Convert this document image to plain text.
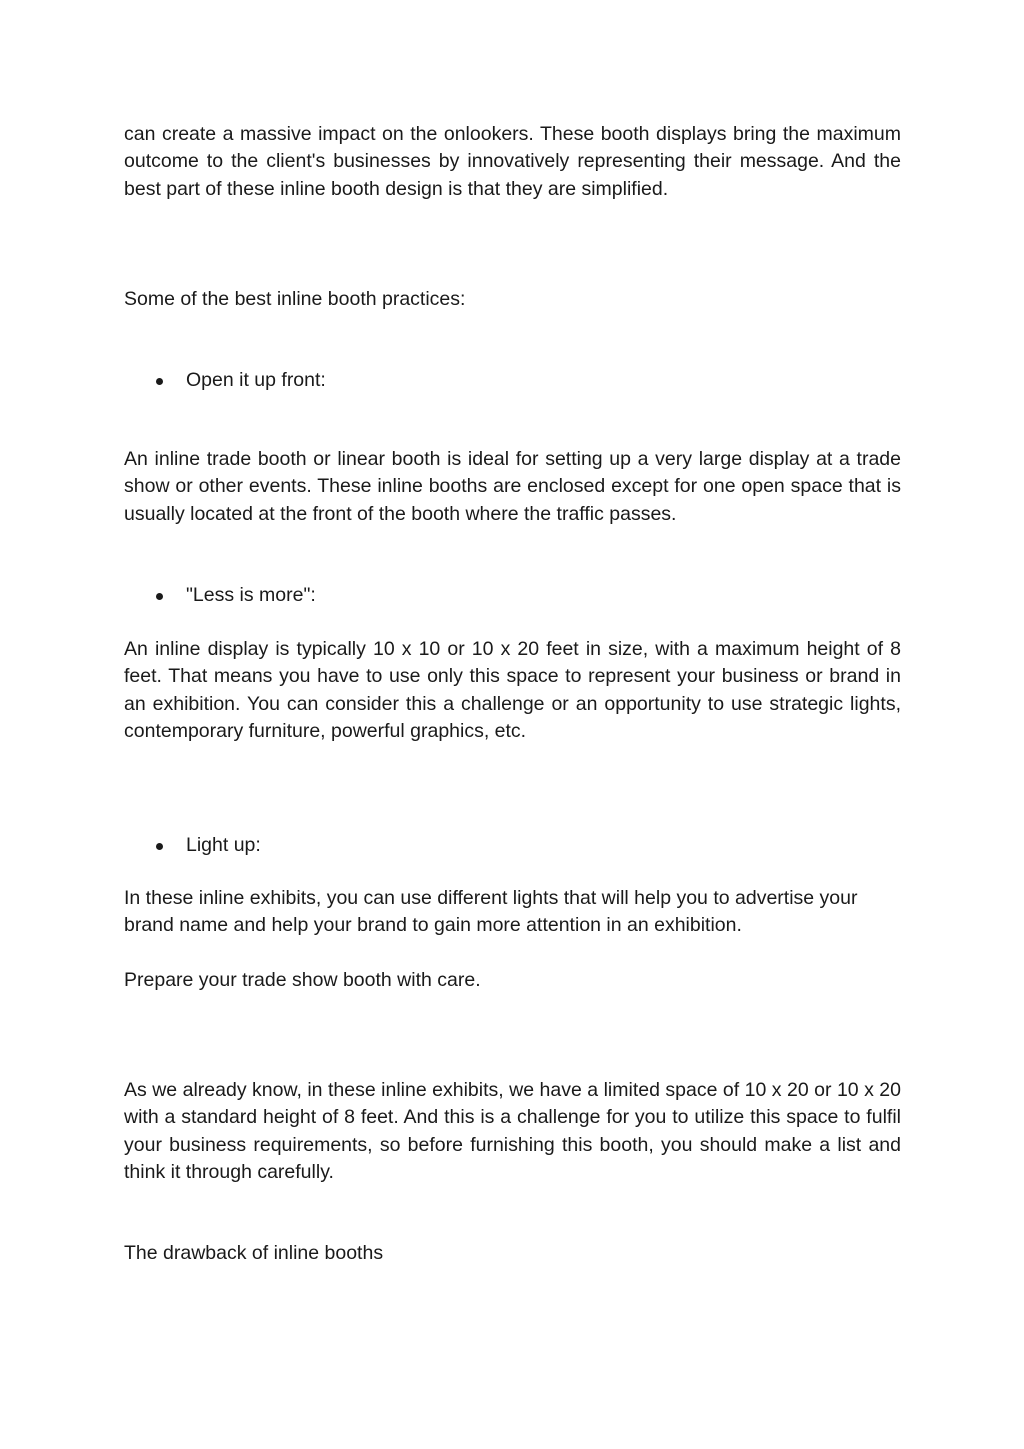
can create a massive impact on the onlookers. These booth displays bring the maximum outcome to the client's businesses by innovatively representing their message. And the best part of these inline booth design is that they are simplified.

Some of the best inline booth practices:

Open it up front:

An inline trade booth or linear booth is ideal for setting up a very large display at a trade show or other events. These inline booths are enclosed except for one open space that is usually located at the front of the booth where the traffic passes.

"Less is more":

An inline display is typically 10 x 10 or 10 x 20 feet in size, with a maximum height of 8 feet. That means you have to use only this space to represent your business or brand in an exhibition. You can consider this a challenge or an opportunity to use strategic lights, contemporary furniture, powerful graphics, etc.

Light up:

In these inline exhibits, you can use different lights that will help you to advertise your brand name and help your brand to gain more attention in an exhibition.

Prepare your trade show booth with care.

As we already know, in these inline exhibits, we have a limited space of 10 x 20 or 10 x 20 with a standard height of 8 feet. And this is a challenge for you to utilize this space to fulfil your business requirements, so before furnishing this booth, you should make a list and think it through carefully.

The drawback of inline booths
